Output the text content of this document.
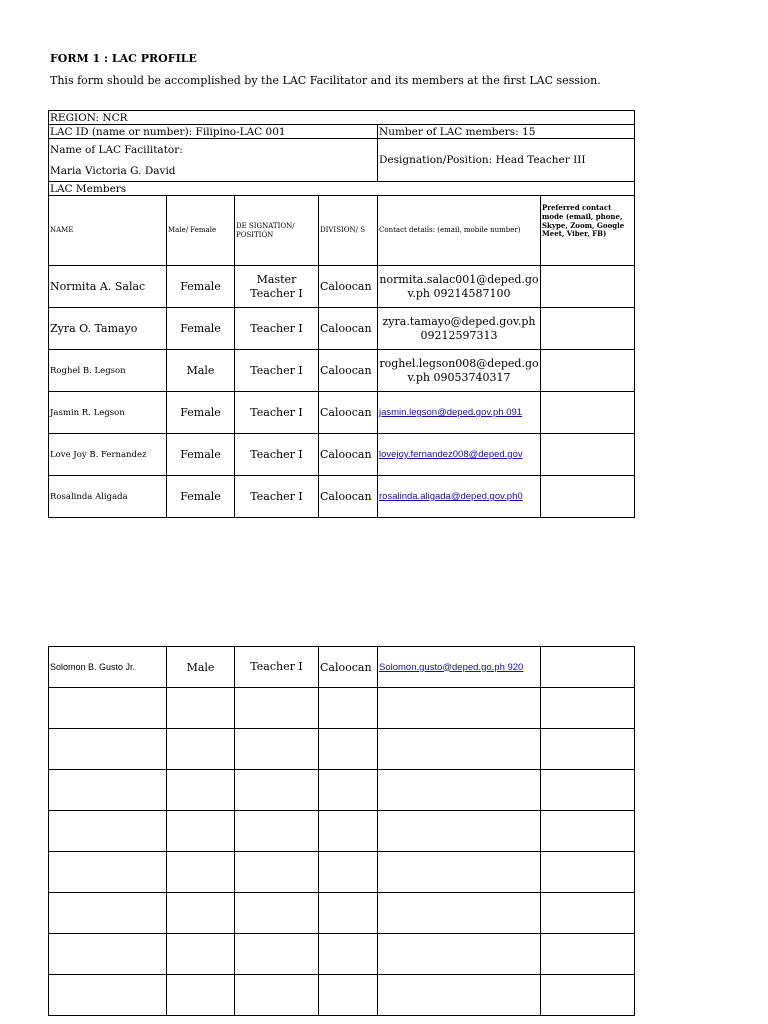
FORM 1 : LAC PROFILE
This form should be accomplished by the LAC Facilitator and its members at the first LAC session.
REGION: NCR					
LAC ID (name or number): Filipino-LAC 001				Number of LAC members: 15	

Name of LAC Facilitator:
Maria Victoria G. David				Designation/Position: Head Teacher III	
LAC Members					
NAME	Male/ Female	DE SIGNATION/ POSITION	DIVISION/ S	Contact details: (email, mobile number)	Preferred contact mode (email, phone, Skype, Zoom, Google Meet, Viber, FB)
Normita A. Salac	Female	Master Teacher I	Caloocan	normita.salac001@deped.go v.ph 09214587100	
Zyra O. Tamayo	Female	Teacher I	Caloocan	zyra.tamayo@deped.gov.ph 09212597313	
Roghel B. Legson	Male	Teacher I	Caloocan	roghel.legson008@deped.go v.ph 09053740317	
Jasmin R. Legson	Female	Teacher I	Caloocan	jasmin.legson@deped.gov.ph 091	
Love Joy B. Fernandez	Female	Teacher I	Caloocan	lovejoy.fernandez008@deped.gov	
Rosalinda Aligada	Female	Teacher I	Caloocan	rosalinda.aligada@deped.gov.ph0	
Solomon B. Gusto Jr.	Male	Teacher I	Caloocan	Solomon.gusto@deped.go.ph 920	
